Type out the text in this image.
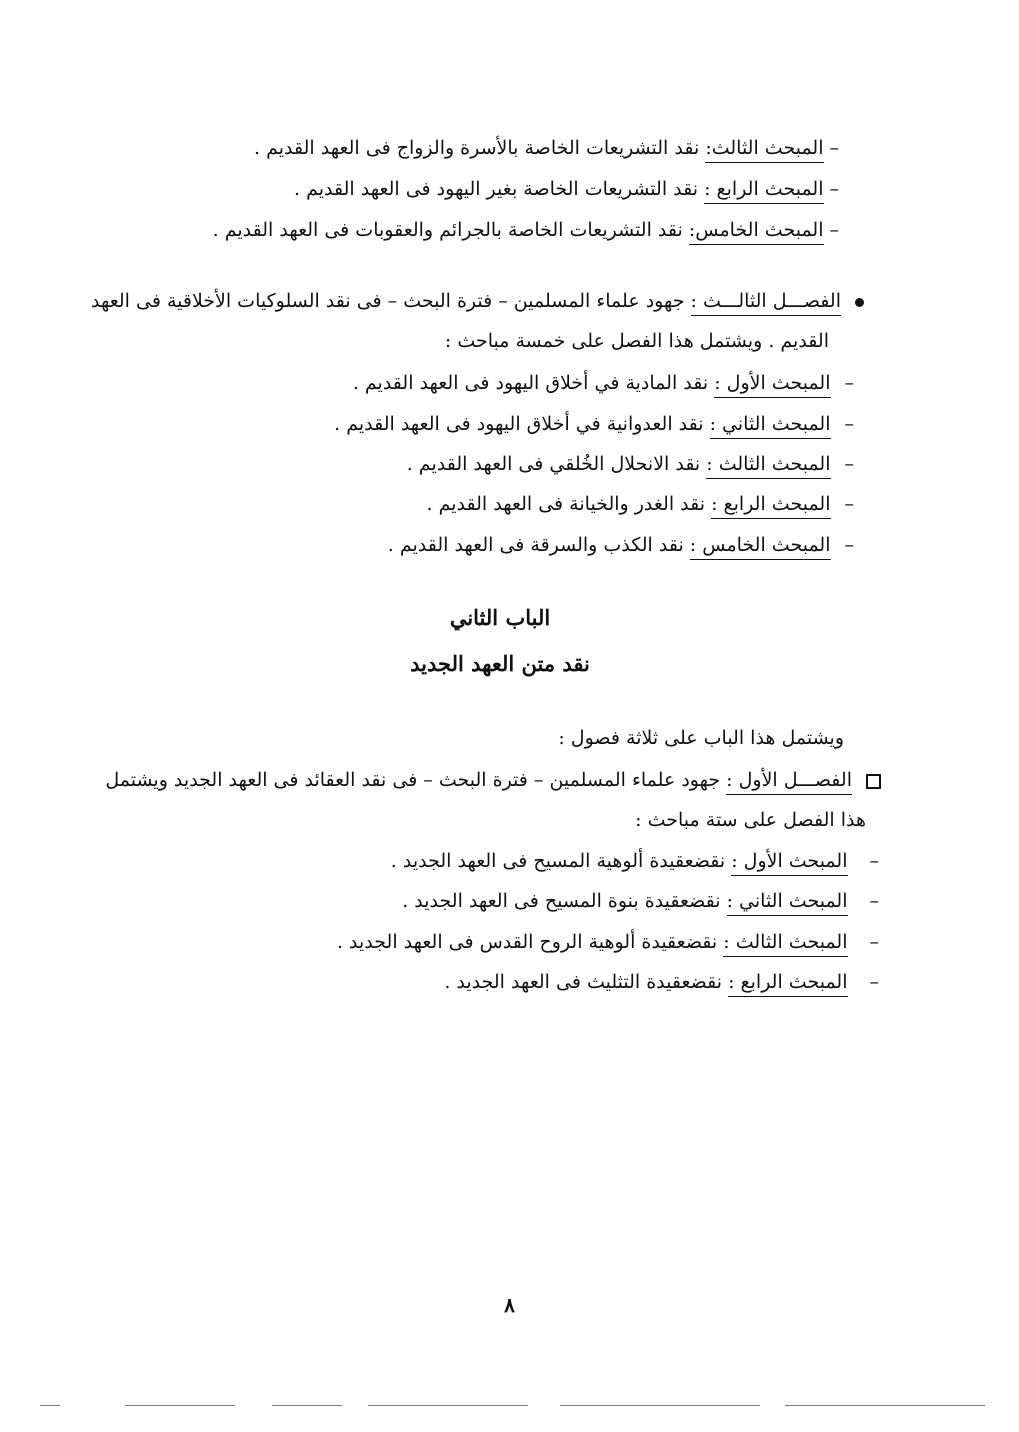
–المبحث الثالث: نقد التشريعات الخاصة بالأسرة والزواج فى العهد القديم .
–المبحث الرابع : نقد التشريعات الخاصة بغير اليهود فى العهد القديم .
–المبحث الخامس: نقد التشريعات الخاصة بالجرائم والعقوبات فى العهد القديم .
الفصـــل الثالـــث : جهود علماء المسلمين – فترة البحث – فى نقد السلوكيات الأخلاقية فى العهد
القديم . ويشتمل هذا الفصل على خمسة مباحث :
–المبحث الأول : نقد المادية في أخلاق اليهود فى العهد القديم .
–المبحث الثاني : نقد العدوانية في أخلاق اليهود فى العهد القديم .
–المبحث الثالث : نقد الانحلال الخُلقي فى العهد القديم .
–المبحث الرابع : نقد الغدر والخيانة فى العهد القديم .
–المبحث الخامس : نقد الكذب والسرقة فى العهد القديم .
الباب الثاني
نقد متن العهد الجديد
ويشتمل هذا الباب على ثلاثة فصول :
الفصـــل الأول : جهود علماء المسلمين – فترة البحث – فى نقد العقائد فى العهد الجديد ويشتمل
هذا الفصل على ستة مباحث :
–المبحث الأول : نقضعقيدة ألوهية المسيح فى العهد الجديد .
–المبحث الثاني : نقضعقيدة بنوة المسيح فى العهد الجديد .
–المبحث الثالث : نقضعقيدة ألوهية الروح القدس فى العهد الجديد .
–المبحث الرابع : نقضعقيدة التثليث فى العهد الجديد .
٨
